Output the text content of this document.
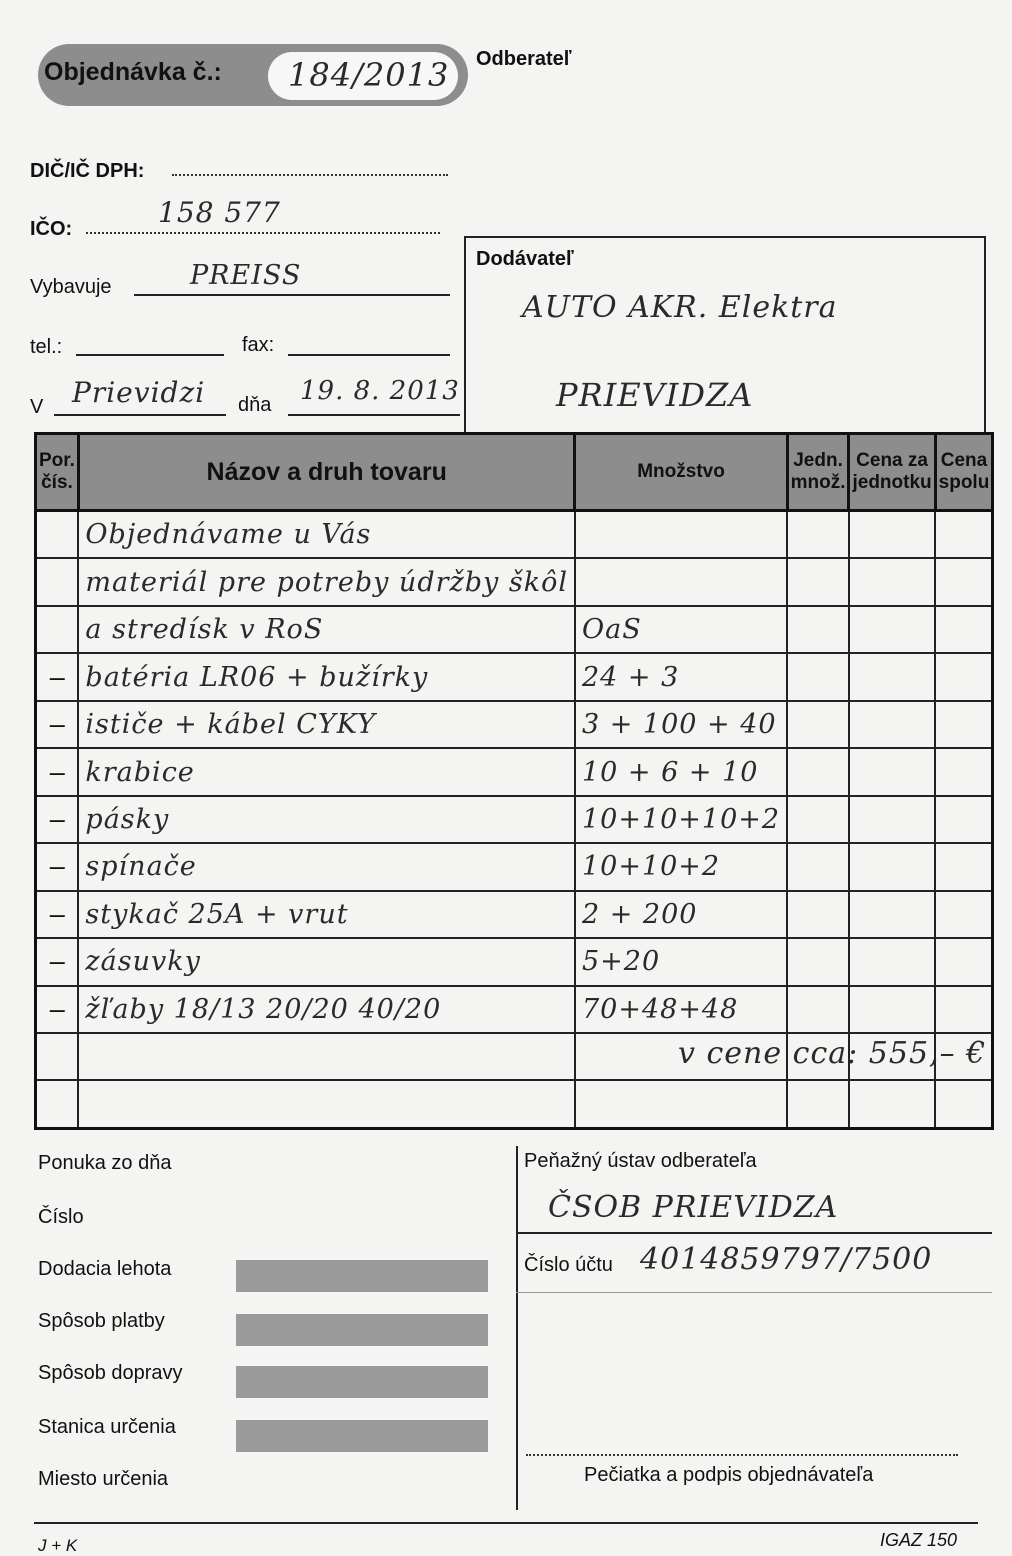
Objednávka č.: 184/2013 Odberateľ
DIČ/IČ DPH:
IČO:	158 577
Vybavuje	PREISS
tel.:	fax:
V Prievidzi dňa 19. 8. 2013
Dodávateľ
AUTO AKR. Elektra
PRIEVIDZA
Por. čís.	Názov a druh tovaru	Množstvo	Jedn. množ.	Cena za jednotku	Cena spolu
	Objednávame u Vás				
	materiál pre potreby údržby škôl				
	a stredísk v RoS	OaS			
–	batéria LR06 + bužírky	24 + 3			
–	ističe + kábel CYKY	3 + 100 + 40			
–	krabice	10 + 6 + 10			
–	pásky	10+10+10+2			
–	spínače	10+10+2			
–	stykač 25A + vrut	2 + 200			
–	zásuvky	5+20			
–	žľaby 18/13 20/20 40/20	70+48+48			

v cene cca: 555,– €
Ponuka zo dňa
Číslo
Dodacia lehota
Spôsob platby
Spôsob dopravy
Stanica určenia
Miesto určenia
Peňažný ústav odberateľa
ČSOB PRIEVIDZA
Číslo účtu 4014859797/7500
Pečiatka a podpis objednávateľa
J + K	IGAZ 150
